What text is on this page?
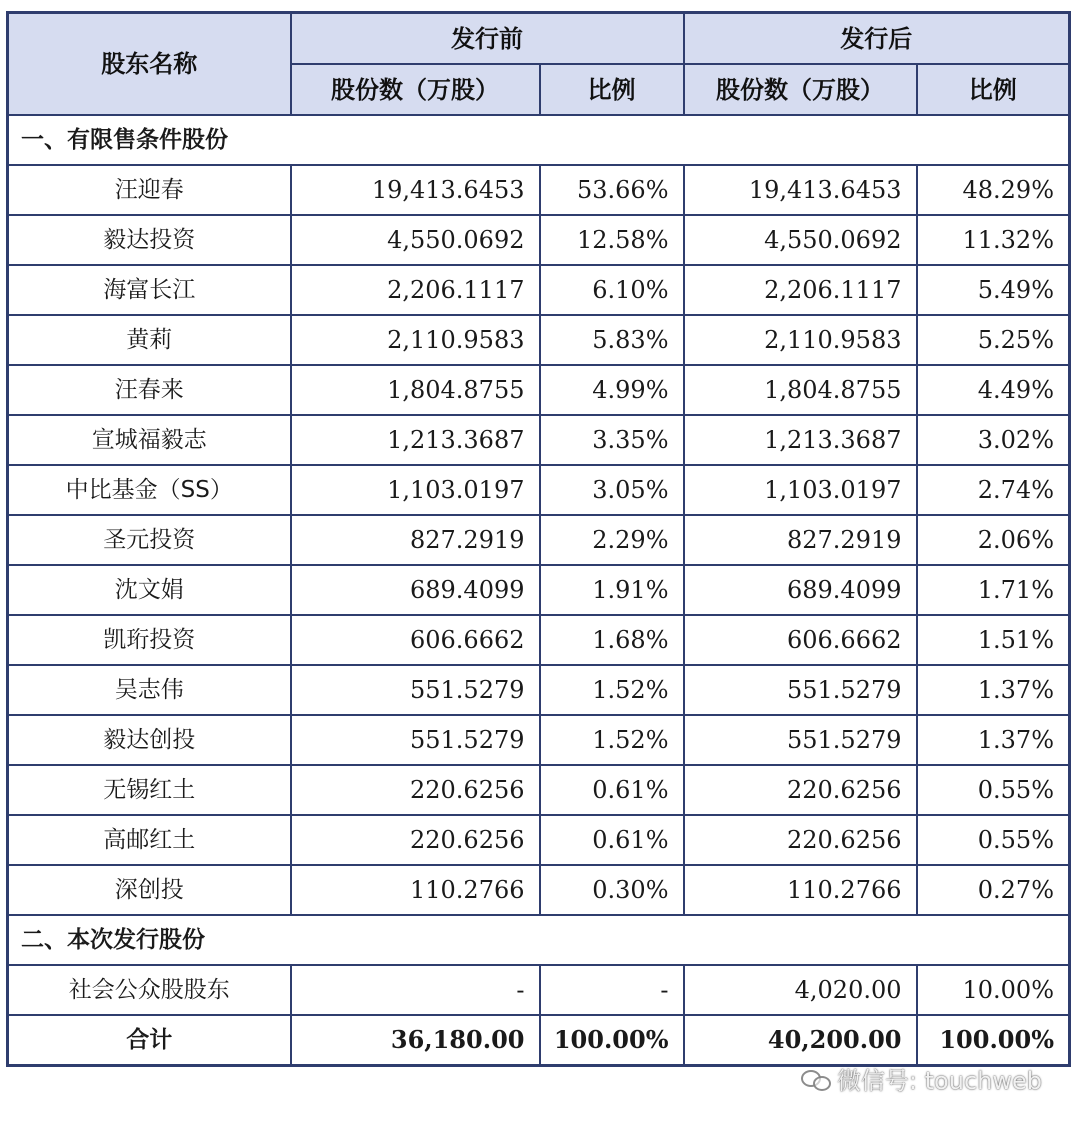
股东名称	发行前		发行后	
	股份数（万股）	比例	股份数（万股）	比例
一、有限售条件股份				
汪迎春	19,413.6453	53.66%	19,413.6453	48.29%
毅达投资	4,550.0692	12.58%	4,550.0692	11.32%
海富长江	2,206.1117	6.10%	2,206.1117	5.49%
黄莉	2,110.9583	5.83%	2,110.9583	5.25%
汪春来	1,804.8755	4.99%	1,804.8755	4.49%
宣城福毅志	1,213.3687	3.35%	1,213.3687	3.02%
中比基金（SS）	1,103.0197	3.05%	1,103.0197	2.74%
圣元投资	827.2919	2.29%	827.2919	2.06%
沈文娟	689.4099	1.91%	689.4099	1.71%
凯珩投资	606.6662	1.68%	606.6662	1.51%
吴志伟	551.5279	1.52%	551.5279	1.37%
毅达创投	551.5279	1.52%	551.5279	1.37%
无锡红土	220.6256	0.61%	220.6256	0.55%
高邮红土	220.6256	0.61%	220.6256	0.55%
深创投	110.2766	0.30%	110.2766	0.27%
二、本次发行股份				
社会公众股股东	-	-	4,020.00	10.00%
合计	36,180.00	100.00%	40,200.00	100.00%
微信号: touchweb
